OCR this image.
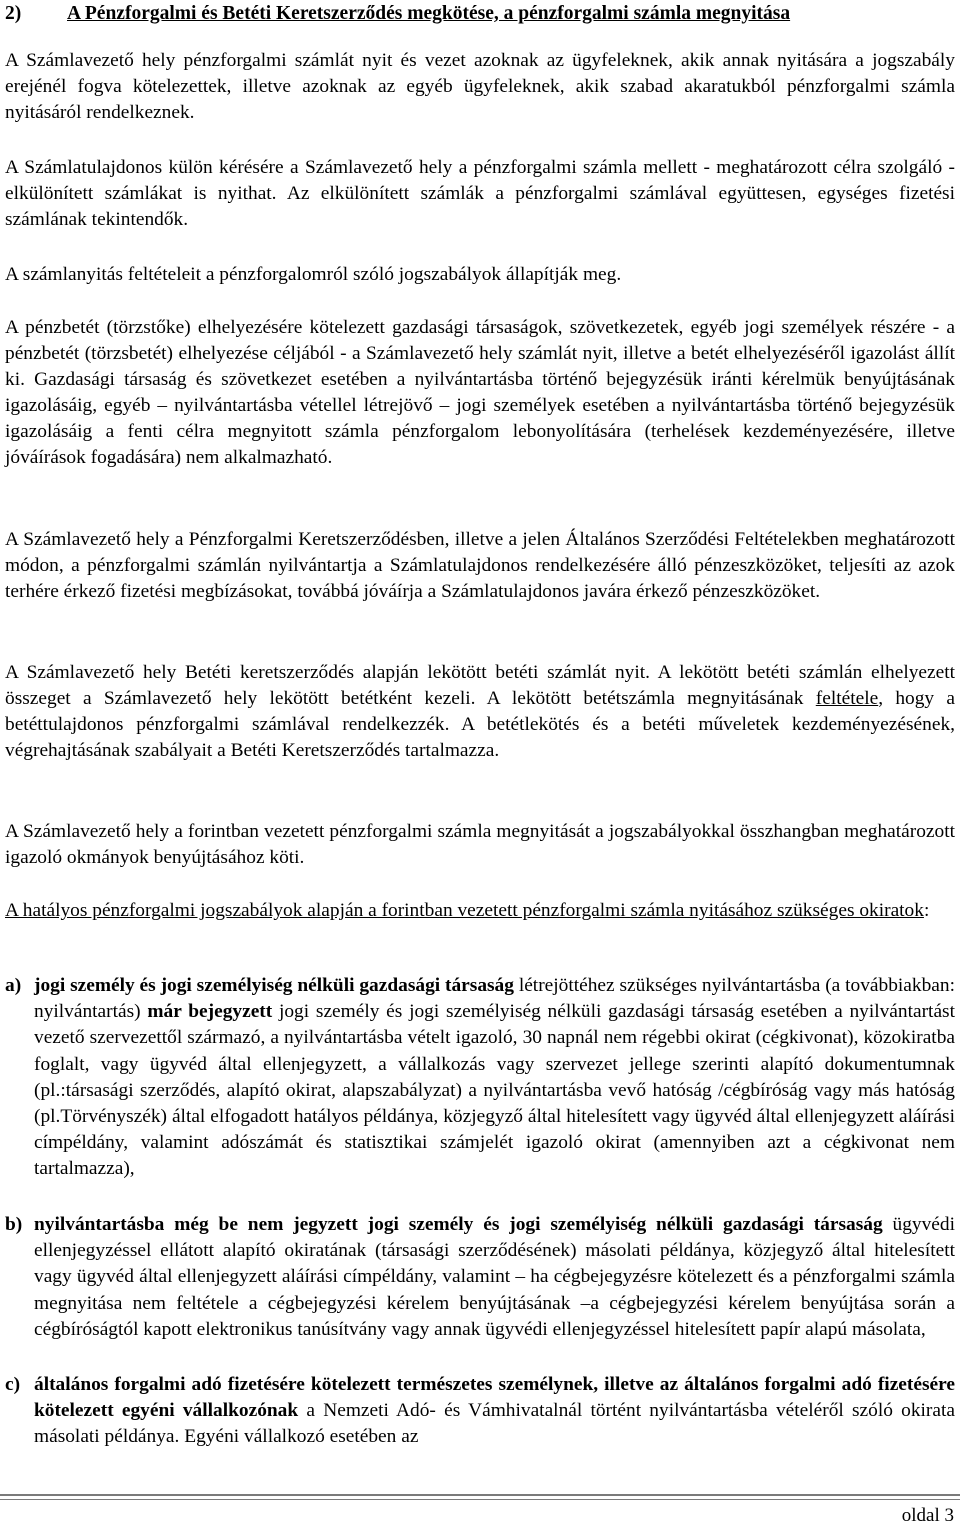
2) A Pénzforgalmi és Betéti Keretszerződés megkötése, a pénzforgalmi számla megnyitása

A Számlavezető hely pénzforgalmi számlát nyit és vezet azoknak az ügyfeleknek, akik annak nyitására a jogszabály erejénél fogva kötelezettek, illetve azoknak az egyéb ügyfeleknek, akik szabad akaratukból pénzforgalmi számla nyitásáról rendelkeznek.

A Számlatulajdonos külön kérésére a Számlavezető hely a pénzforgalmi számla mellett - meghatározott célra szolgáló - elkülönített számlákat is nyithat. Az elkülönített számlák a pénzforgalmi számlával együttesen, egységes fizetési számlának tekintendők.

A számlanyitás feltételeit a pénzforgalomról szóló jogszabályok állapítják meg.

A pénzbetét (törzstőke) elhelyezésére kötelezett gazdasági társaságok, szövetkezetek, egyéb jogi személyek részére - a pénzbetét (törzsbetét) elhelyezése céljából - a Számlavezető hely számlát nyit, illetve a betét elhelyezéséről igazolást állít ki. Gazdasági társaság és szövetkezet esetében a nyilvántartásba történő bejegyzésük iránti kérelmük benyújtásának igazolásáig, egyéb – nyilvántartásba vétellel létrejövő – jogi személyek esetében a nyilvántartásba történő bejegyzésük igazolásáig a fenti célra megnyitott számla pénzforgalom lebonyolítására (terhelések kezdeményezésére, illetve jóváírások fogadására) nem alkalmazható.

A Számlavezető hely a Pénzforgalmi Keretszerződésben, illetve a jelen Általános Szerződési Feltételekben meghatározott módon, a pénzforgalmi számlán nyilvántartja a Számlatulajdonos rendelkezésére álló pénzeszközöket, teljesíti az azok terhére érkező fizetési megbízásokat, továbbá jóváírja a Számlatulajdonos javára érkező pénzeszközöket.

A Számlavezető hely Betéti keretszerződés alapján lekötött betéti számlát nyit. A lekötött betéti számlán elhelyezett összeget a Számlavezető hely lekötött betétként kezeli. A lekötött betétszámla megnyitásának feltétele, hogy a betéttulajdonos pénzforgalmi számlával rendelkezzék. A betétlekötés és a betéti műveletek kezdeményezésének, végrehajtásának szabályait a Betéti Keretszerződés tartalmazza.

A Számlavezető hely a forintban vezetett pénzforgalmi számla megnyitását a jogszabályokkal összhangban meghatározott igazoló okmányok benyújtásához köti.

A hatályos pénzforgalmi jogszabályok alapján a forintban vezetett pénzforgalmi számla nyitásához szükséges okiratok:

a) jogi személy és jogi személyiség nélküli gazdasági társaság létrejöttéhez szükséges nyilvántartásba (a továbbiakban: nyilvántartás) már bejegyzett jogi személy és jogi személyiség nélküli gazdasági társaság esetében a nyilvántartást vezető szervezettől származó, a nyilvántartásba vételt igazoló, 30 napnál nem régebbi okirat (cégkivonat), közokiratba foglalt, vagy ügyvéd által ellenjegyzett, a vállalkozás vagy szervezet jellege szerinti alapító dokumentumnak (pl.:társasági szerződés, alapító okirat, alapszabályzat) a nyilvántartásba vevő hatóság /cégbíróság vagy más hatóság (pl.Törvényszék) által elfogadott hatályos példánya, közjegyző által hitelesített vagy ügyvéd által ellenjegyzett aláírási címpéldány, valamint adószámát és statisztikai számjelét igazoló okirat (amennyiben azt a cégkivonat nem tartalmazza),
b) nyilvántartásba még be nem jegyzett jogi személy és jogi személyiség nélküli gazdasági társaság ügyvédi ellenjegyzéssel ellátott alapító okiratának (társasági szerződésének) másolati példánya, közjegyző által hitelesített vagy ügyvéd által ellenjegyzett aláírási címpéldány, valamint – ha cégbejegyzésre kötelezett és a pénzforgalmi számla megnyitása nem feltétele a cégbejegyzési kérelem benyújtásának –a cégbejegyzési kérelem benyújtása során a cégbíróságtól kapott elektronikus tanúsítvány vagy annak ügyvédi ellenjegyzéssel hitelesített papír alapú másolata,
c) általános forgalmi adó fizetésére kötelezett természetes személynek, illetve az általános forgalmi adó fizetésére kötelezett egyéni vállalkozónak a Nemzeti Adó- és Vámhivatalnál történt nyilvántartásba vételéről szóló okirata másolati példánya. Egyéni vállalkozó esetében az
oldal 3
